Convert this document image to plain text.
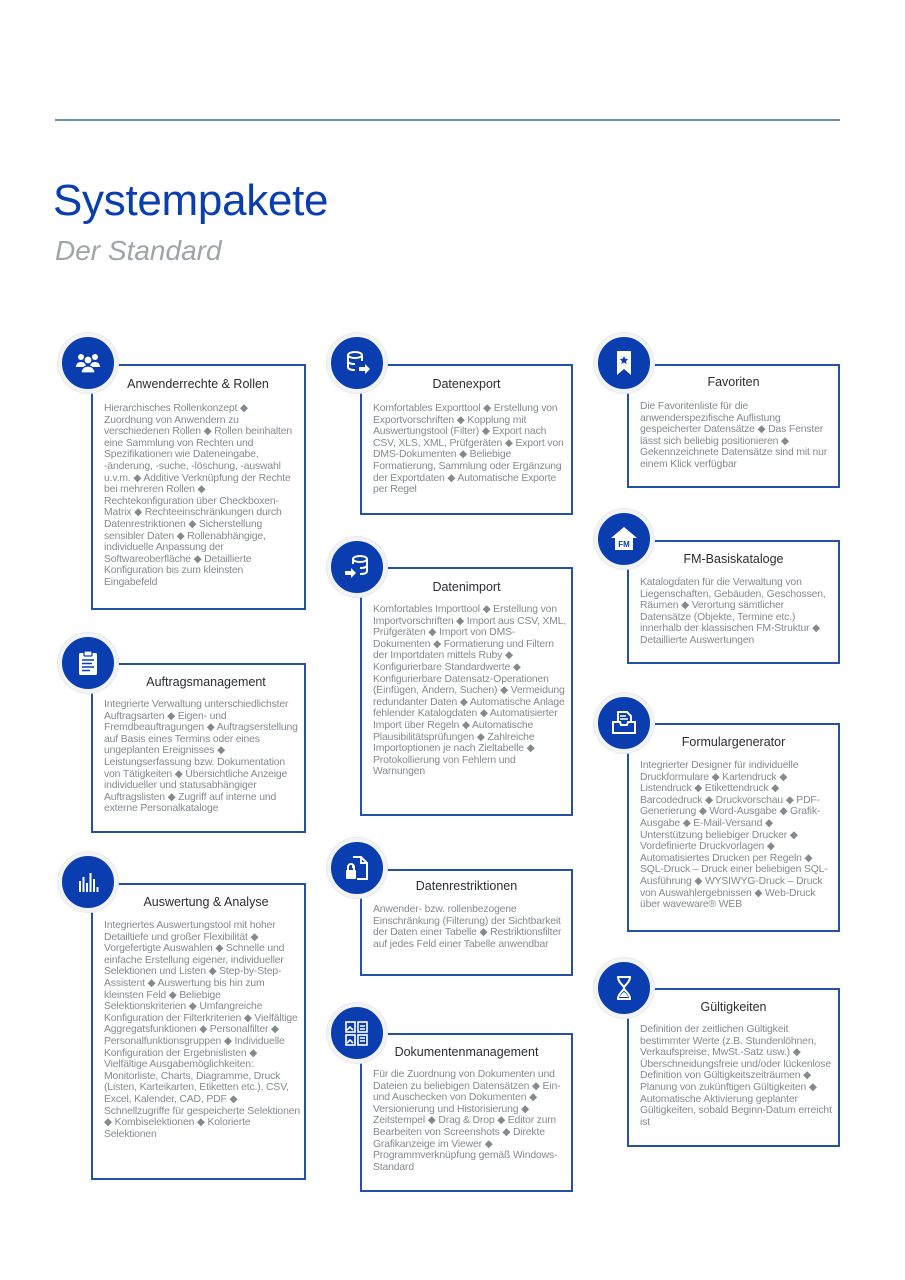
Systempakete
Der Standard
Anwenderrechte & Rollen

Hierarchisches Rollenkonzept ◆ Zuordnung von Anwendern zu verschiedenen Rollen ◆ Rollen beinhalten eine Sammlung von Rechten und Spezifikationen wie Dateneingabe, -änderung, -suche, -löschung, -auswahl u.v.m. ◆ Additive Verknüpfung der Rechte bei mehreren Rollen ◆ Rechtekonfiguration über Checkboxen-Matrix ◆ Rechteeinschränkungen durch Datenrestriktionen ◆ Sicherstellung sensibler Daten ◆ Rollenabhängige, individuelle Anpassung der Softwareoberfläche ◆ Detaillierte Konfiguration bis zum kleinsten Eingabefeld

Datenexport

Komfortables Exporttool ◆ Erstellung von Exportvorschriften ◆ Kopplung mit Auswertungstool (Filter) ◆ Export nach CSV, XLS, XML, Prüfgeräten ◆ Export von DMS-Dokumenten ◆ Beliebige Formatierung, Sammlung oder Ergänzung der Exportdaten ◆ Automatische Exporte per Regel

Favoriten

Die Favoritenliste für die anwenderspezifische Auflistung gespeicherter Datensätze ◆ Das Fenster lässt sich beliebig positionieren ◆ Gekennzeichnete Datensätze sind mit nur einem Klick verfügbar

Datenimport

Komfortables Importtool ◆ Erstellung von Importvorschriften ◆ Import aus CSV, XML, Prüfgeräten ◆ Import von DMS-Dokumenten ◆ Formatierung und Filtern der Importdaten mittels Ruby ◆ Konfigurierbare Standardwerte ◆ Konfigurierbare Datensatz-Operationen (Einfügen, Ändern, Suchen) ◆ Vermeidung redundanter Daten ◆ Automatische Anlage fehlender Katalogdaten ◆ Automatisierter Import über Regeln ◆ Automatische Plausibilitätsprüfungen ◆ Zahlreiche Importoptionen je nach Zieltabelle ◆ Protokollierung von Fehlern und Warnungen

FM
FM-Basiskataloge

Katalogdaten für die Verwaltung von Liegenschaften, Gebäuden, Geschossen, Räumen ◆ Verortung sämtlicher Datensätze (Objekte, Termine etc.) innerhalb der klassischen FM-Struktur ◆ Detaillierte Auswertungen

Auftragsmanagement

Integrierte Verwaltung unterschiedlichster Auftragsarten ◆ Eigen- und Fremdbeauftragungen ◆ Auftragserstellung auf Basis eines Termins oder eines ungeplanten Ereignisses ◆ Leistungserfassung bzw. Dokumentation von Tätigkeiten ◆ Übersichtliche Anzeige individueller und statusabhängiger Auftragslisten ◆ Zugriff auf interne und externe Personalkataloge

Formulargenerator

Integrierter Designer für individuelle Druckformulare ◆ Kartendruck ◆ Listendruck ◆ Etikettendruck ◆ Barcodedruck ◆ Druckvorschau ◆ PDF-Generierung ◆ Word-Ausgabe ◆ Grafik-Ausgabe ◆ E-Mail-Versand ◆ Unterstützung beliebiger Drucker ◆ Vordefinierte Druckvorlagen ◆ Automatisiertes Drucken per Regeln ◆ SQL-Druck – Druck einer beliebigen SQL-Ausführung ◆ WYSIWYG-Druck – Druck von Auswahlergebnissen ◆ Web-Druck über waveware® WEB

Auswertung & Analyse

Integriertes Auswertungstool mit hoher Detailtiefe und großer Flexibilität ◆ Vorgefertigte Auswahlen ◆ Schnelle und einfache Erstellung eigener, individueller Selektionen und Listen ◆ Step-by-Step-Assistent ◆ Auswertung bis hin zum kleinsten Feld ◆ Beliebige Selektionskriterien ◆ Umfangreiche Konfiguration der Filterkriterien ◆ Vielfältige Aggregatsfunktionen ◆ Personalfilter ◆ Personalfunktionsgruppen ◆ Individuelle Konfiguration der Ergebnislisten ◆ Vielfältige Ausgabemöglichkeiten: Monitorliste, Charts, Diagramme, Druck (Listen, Karteikarten, Etiketten etc.), CSV, Excel, Kalender, CAD, PDF ◆ Schnellzugriffe für gespeicherte Selektionen ◆ Kombiselektionen ◆ Kolorierte Selektionen

Datenrestriktionen

Anwender- bzw. rollenbezogene Einschränkung (Filterung) der Sichtbarkeit der Daten einer Tabelle ◆ Restriktionsfilter auf jedes Feld einer Tabelle anwendbar

Dokumentenmanagement

Für die Zuordnung von Dokumenten und Dateien zu beliebigen Datensätzen ◆ Ein- und Auschecken von Dokumenten ◆ Versionierung und Historisierung ◆ Zeitstempel ◆ Drag & Drop ◆ Editor zum Bearbeiten von Screenshots ◆ Direkte Grafikanzeige im Viewer ◆ Programmverknüpfung gemäß Windows-Standard

Gültigkeiten

Definition der zeitlichen Gültigkeit bestimmter Werte (z.B. Stundenlöhnen, Verkaufspreise, MwSt.-Satz usw.) ◆ Überschneidungsfreie und/oder lückenlose Definition von Gültigkeitszeiträumen ◆ Planung von zukünftigen Gültigkeiten ◆ Automatische Aktivierung geplanter Gültigkeiten, sobald Beginn-Datum erreicht ist
